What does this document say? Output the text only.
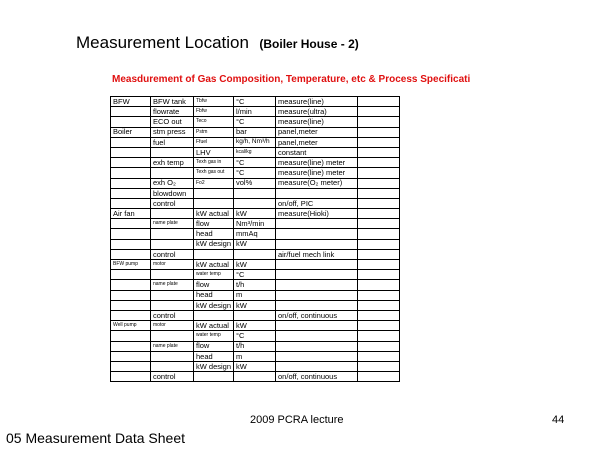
Measurement Location (Boiler House - 2)
Measdurement of Gas Composition, Temperature, etc & Process Specificati
BFW	BFW tank	Tbfw	°C	measure(line)	
	flowrate	Fbfw	l/min	measure(ultra)	
	ECO out	Teco	°C	measure(line)	
Boiler	stm press	Pstm	bar	panel,meter	
	fuel	Ffuel	kg/h, Nm³/h	panel,meter	
		LHV	kcal/kg	constant	
	exh temp	Texh gas in	°C	measure(line) meter	
		Texh gas out	°C	measure(line) meter	
	exh O₂	Fo2	vol%	measure(O₂ meter)	
	blowdown				
	control			on/off, PIC	
Air fan		kW actual	kW	measure(Hioki)	
	name plate	flow	Nm³/min		
		head	mmAq		
		kW design	kW		
	control			air/fuel mech link	
BFW pump	motor	kW actual	kW		
		water temp	°C		
	name plate	flow	t/h		
		head	m		
		kW design	kW		
	control			on/off, continuous	
Well pump	motor	kW actual	kW		
		water temp	°C		
	name plate	flow	t/h		
		head	m		
		kW design	kW		
	control			on/off, continuous	
2009 PCRA lecture	44
05 Measurement Data Sheet
